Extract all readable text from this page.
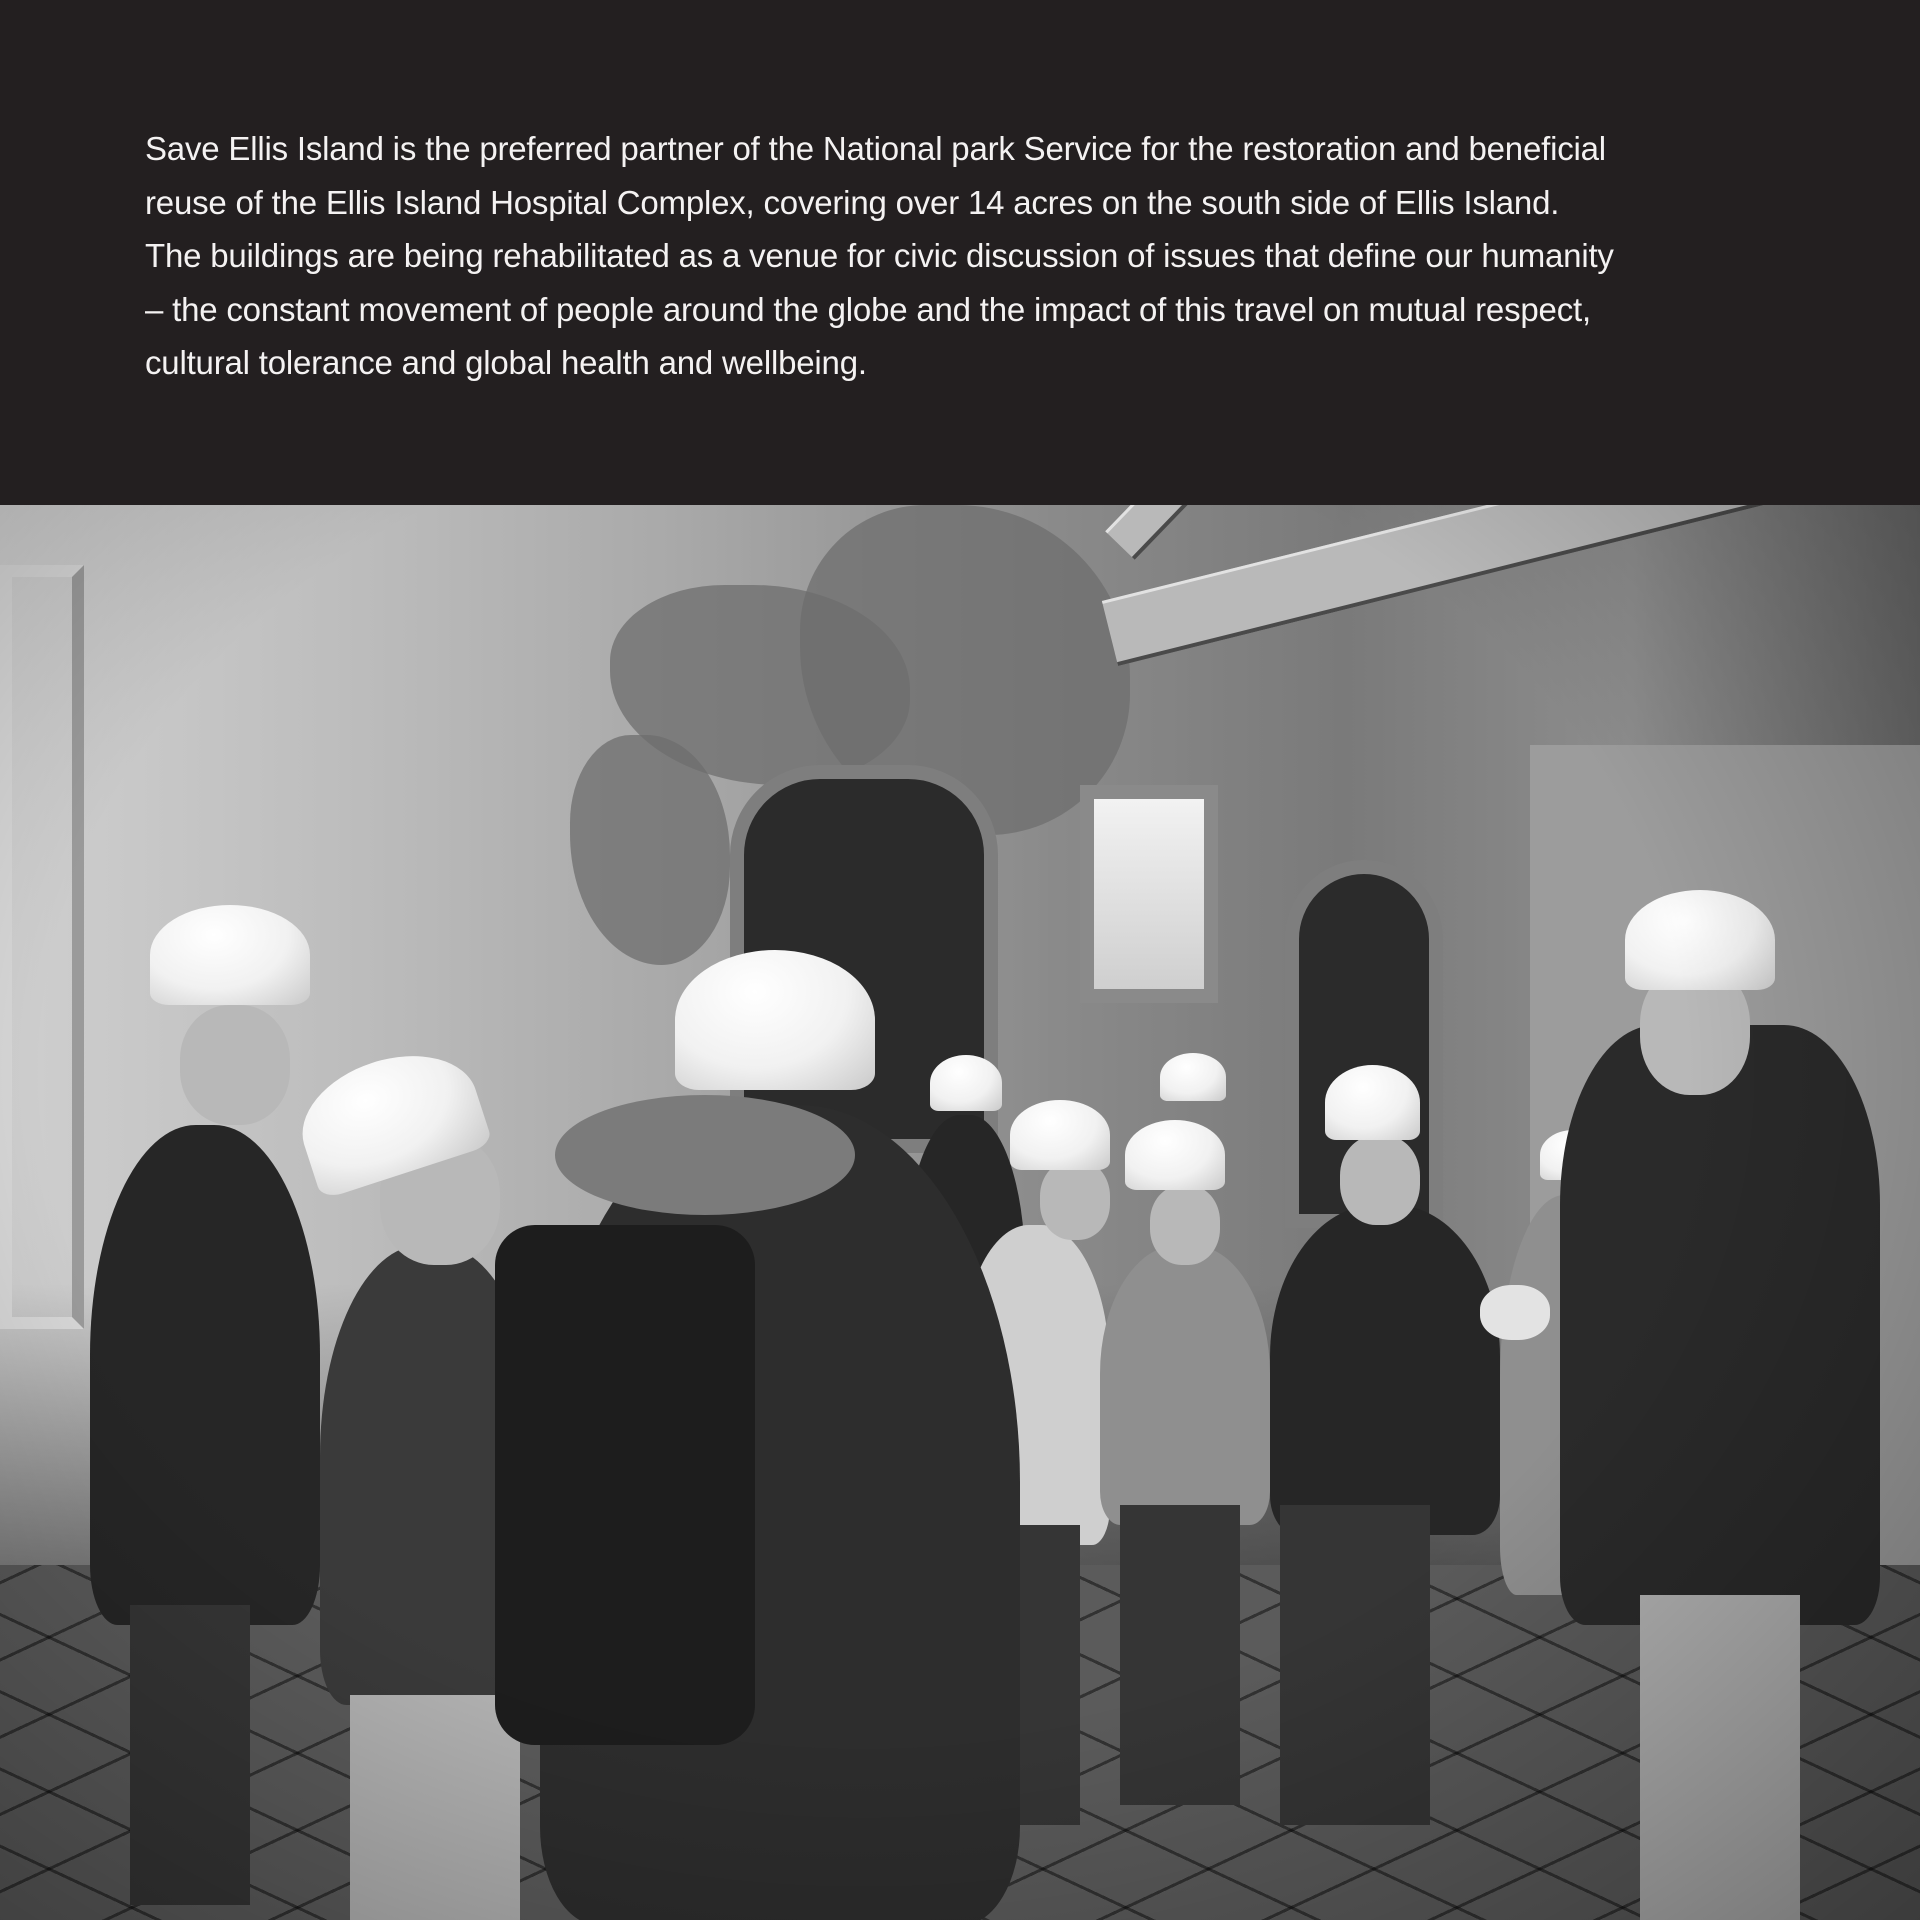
Save Ellis Island is the preferred partner of the National park Service for the restoration and beneficial
reuse of the Ellis Island Hospital Complex, covering over 14 acres on the south side of Ellis Island.
The buildings are being rehabilitated as a venue for civic discussion of issues that define our humanity
– the constant movement of people around the globe and the impact of this travel on mutual respect,
cultural tolerance and global health and wellbeing.
